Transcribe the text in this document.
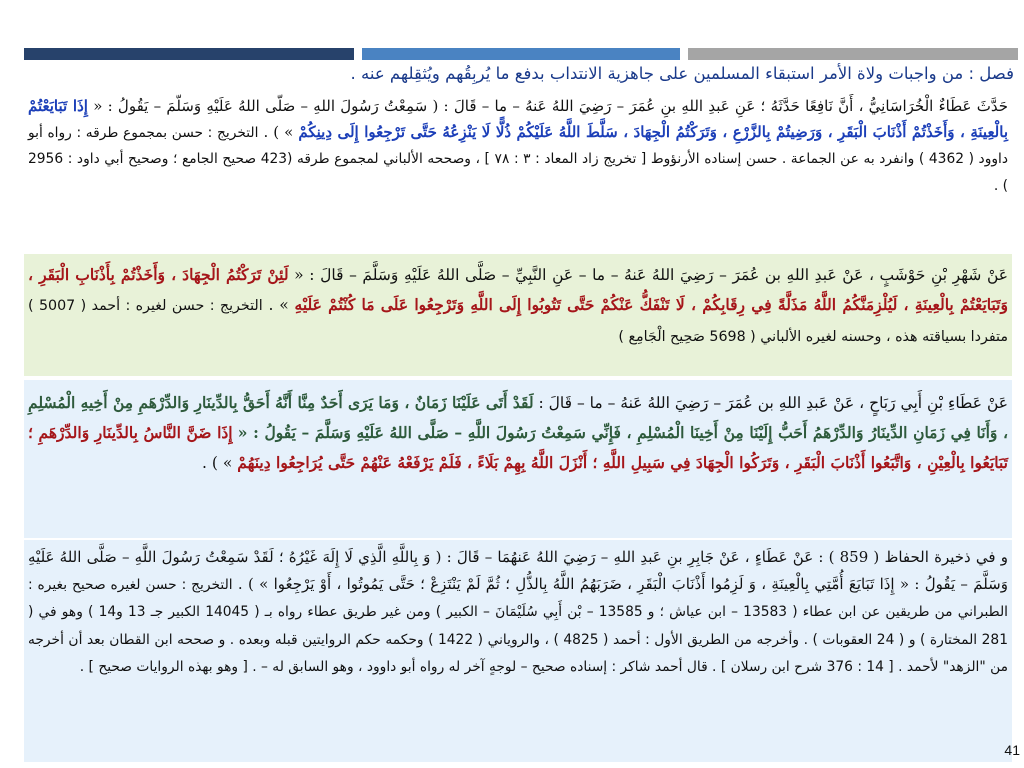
فصل : من واجبات ولاة الأمر استبقاء المسلمين على جاهزية الانتداب بدفع ما يُربِقُهم ويُثقِلهم عنه .

حَدَّثَ عَطَاءٌ الْخُرَاسَانِيُّ ، أَنَّ نَافِعًا حَدَّثَهُ ؛ عَنِ عَبدِ اللهِ بنِ عُمَرَ – رَضِيَ اللهُ عَنهُ – ما – قَالَ : ( سَمِعْتُ رَسُولَ اللهِ – صَلَّى اللهُ عَلَيْهِ وَسَلَّمَ – يَقُولُ : « إِذَا تَبَايَعْتُمْ بِالْعِينَةِ ، وَأَخَذْتُمْ أَذْنَابَ الْبَقَرِ ، وَرَضِيتُمْ بِالزَّرْعِ ، وَتَرَكْتُمُ الْجِهَادَ ، سَلَّطَ اللَّهُ عَلَيْكُمْ ذُلًّا لَا يَنْزِعُهُ حَتَّى تَرْجِعُوا إِلَى دِينِكُمْ » ) . التخريج : حسن بمجموع طرقه : رواه أبو داوود ( 4362 ) وانفرد به عن الجماعة . حسن إسناده الأرنؤوط [ تخريج زاد المعاد : ٣ : ٧٨ ] ، وصححه الألباني لمجموع طرقه (423 صحيح الجامع ؛ وصحيح أبي داود : 2956 ) .

عَنْ شَهْرِ بْنِ حَوْشَبٍ ، عَنْ عَبدِ اللهِ بن عُمَرَ – رَضِيَ اللهُ عَنهُ – ما – عَنِ النَّبِيِّ – صَلَّى اللهُ عَلَيْهِ وَسَلَّمَ – قَالَ : « لَئِنْ تَرَكْتُمُ الْجِهَادَ ، وَأَخَذْتُمْ بِأَذْنَابِ الْبَقَرِ ، وَتَبَايَعْتُمْ بِالْعِينَةِ ، لَيُلْزِمَنَّكُمُ اللَّهُ مَذَلَّةً فِي رِقَابِكُمْ ، لَا تَنْفَكُّ عَنْكُمْ حَتَّى تَتُوبُوا إِلَى اللَّهِ وَتَرْجِعُوا عَلَى مَا كُنْتُمْ عَلَيْهِ » . التخريج : حسن لغيره : أحمد ( 5007 ) متفردا بسياقته هذه ، وحسنه لغيره الألباني ( 5698 صَحِيح الْجَامِع )

عَنْ عَطَاءِ بْنِ أَبِي رَبَاحٍ ، عَنْ عَبدِ اللهِ بن عُمَرَ – رَضِيَ اللهُ عَنهُ – ما – قَالَ : لَقَدْ أَتَى عَلَيْنَا زَمَانٌ ، وَمَا يَرَى أَحَدٌ مِنَّا أَنَّهُ أَحَقُّ بِالدِّينَارِ وَالدِّرْهَمِ مِنْ أَخِيهِ الْمُسْلِمِ ، وَأَنَا فِي زَمَانِ الدِّينَارُ وَالدِّرْهَمُ أَحَبُّ إِلَيْنَا مِنْ أَخِينَا الْمُسْلِمِ ، فَإِنِّي سَمِعْتُ رَسُولَ اللَّهِ – صَلَّى اللهُ عَلَيْهِ وَسَلَّمَ – يَقُولُ : « إِذَا ضَنَّ النَّاسُ بِالدِّينَارِ وَالدِّرْهَمِ ؛ تَبَايَعُوا بِالْعِيْنِ ، وَاتَّبَعُوا أَذْنَابَ الْبَقَرِ ، وَتَرَكُوا الْجِهَادَ فِي سَبِيلِ اللَّهِ ؛ أَنْزَلَ اللَّهُ بِهِمْ بَلَاءً ، فَلَمْ يَرْفَعْهُ عَنْهُمْ حَتَّى يُرَاجِعُوا دِينَهُمْ » ) .

و في ذخيرة الحفاظ ( 859 ) : عَنْ عَطَاءٍ ، عَنْ جَابِرِ بنِ عَبدِ اللهِ – رَضِيَ اللهُ عَنهُمَا – قَالَ : ( وَ بِاللَّهِ الَّذِي لَا إِلَهَ غَيْرُهُ ؛ لَقَدْ سَمِعْتُ رَسُولَ اللَّهِ – صَلَّى اللهُ عَلَيْهِ وَسَلَّمَ – يَقُولُ : « إِذَا تَبَايَعَ أُمَّتِي بِالْعِينَةِ ، وَ لَزِمُوا أَذْنَابَ الْبَقَرِ ، ضَرَبَهُمُ اللَّهُ بِالذُّلِ ؛ ثُمَّ لَمْ يَنْتَزِعْ ؛ حَتَّى يَمُوتُوا ، أَوْ يَرْجِعُوا » ) . التخريج : حسن لغيره صحيح بغيره : الطبراني من طريقين عن ابن عطاء ( 13583 – ابن عياش ؛ و 13585 – بْن أَبِي سُلَيْمَانَ – الكبير ) ومن غير طريق عطاء رواه بـ ( 14045 الكبير جـ 13 و14 ) وهو في ( 281 المختارة ) و ( 24 العقوبات ) . وأخرجه من الطريق الأول : أحمد ( 4825 ) ، والروياني ( 1422 ) وحكمه حكم الروايتين قبله وبعده . و صححه ابن القطان بعد أن أخرجه من "الزهد" لأحمد . [ 14 : 376 شرح ابن رسلان ] . قال أحمد شاكر : إسناده صحيح – لوجهٍ آخر له رواه أبو داوود ، وهو السابق له – . [ وهو بهذه الروايات صحيح ] .

41
